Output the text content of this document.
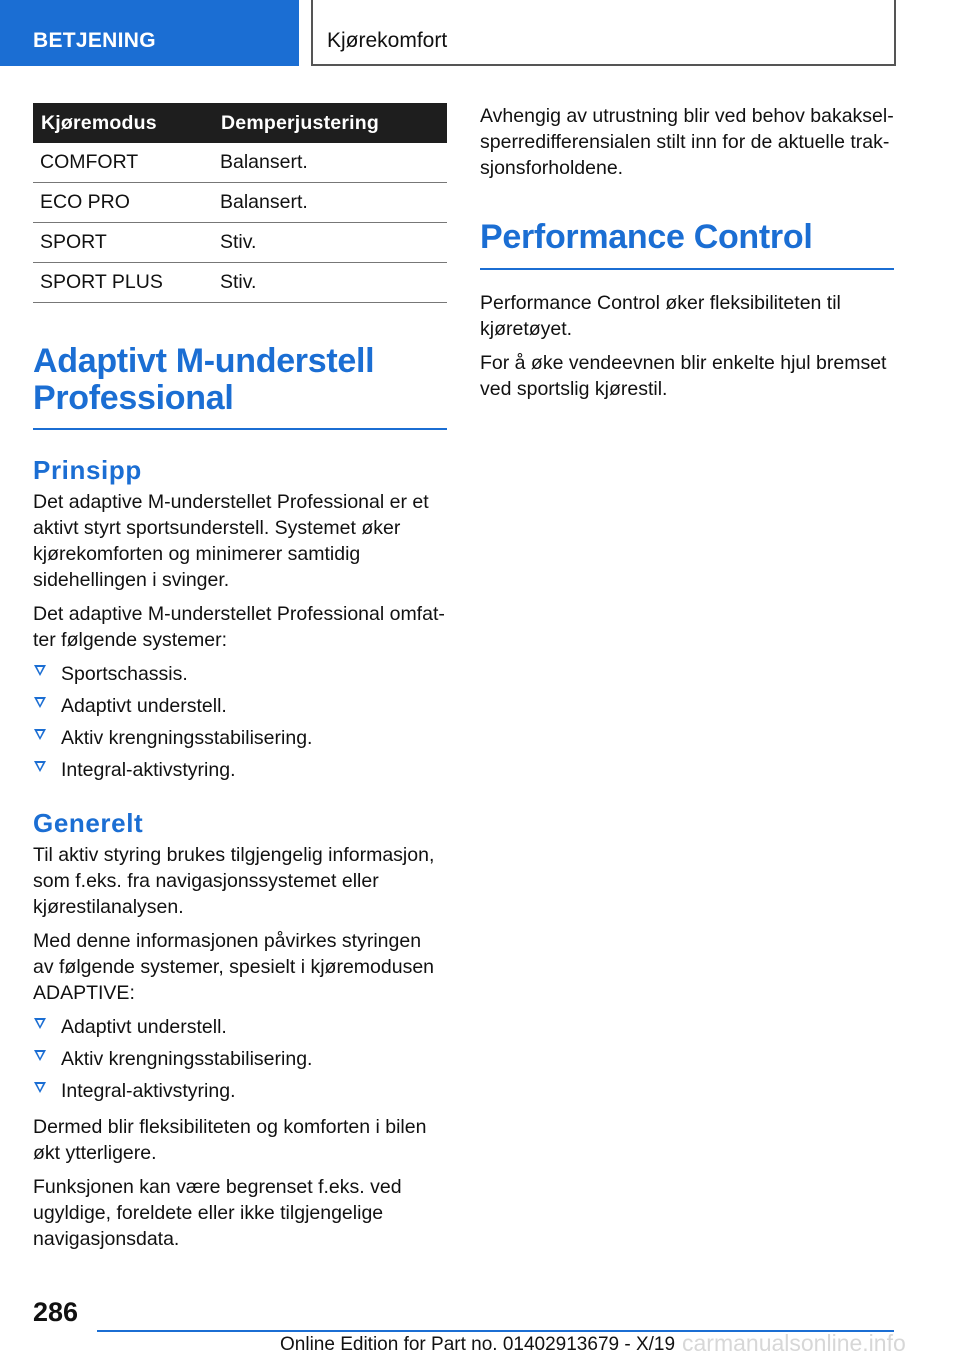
BETJENING	Kjørekomfort
Kjøremodus	Demperjustering
COMFORT	Balansert.
ECO PRO	Balansert.
SPORT	Stiv.
SPORT PLUS	Stiv.
Adaptivt M-understell
Professional
Prinsipp

Det adaptive M-understellet Professional er et aktivt styrt sportsunderstell. Systemet øker kjørekomforten og minimerer samtidig sidehellingen i svinger.

Det adaptive M-understellet Professional omfatter følgende systemer:

Sportschassis.
Adaptivt understell.
Aktiv krengningsstabilisering.
Integral-aktivstyring.
Generelt

Til aktiv styring brukes tilgjengelig informasjon, som f.eks. fra navigasjonssystemet eller kjørestilanalysen.

Med denne informasjonen påvirkes styringen av følgende systemer, spesielt i kjøremodusen ADAPTIVE:

Adaptivt understell.
Aktiv krengningsstabilisering.
Integral-aktivstyring.

Dermed blir fleksibiliteten og komforten i bilen økt ytterligere.

Funksjonen kan være begrenset f.eks. ved ugyldige, foreldete eller ikke tilgjengelige navigasjonsdata.

Avhengig av utrustning blir ved behov bakakselsperredifferensialen stilt inn for de aktuelle traksjonsforholdene.

Performance Control

Performance Control øker fleksibiliteten til kjøretøyet.

For å øke vendeevnen blir enkelte hjul bremset ved sportslig kjørestil.

286
Online Edition for Part no. 01402913679 - X/19 carmanualsonline.info
